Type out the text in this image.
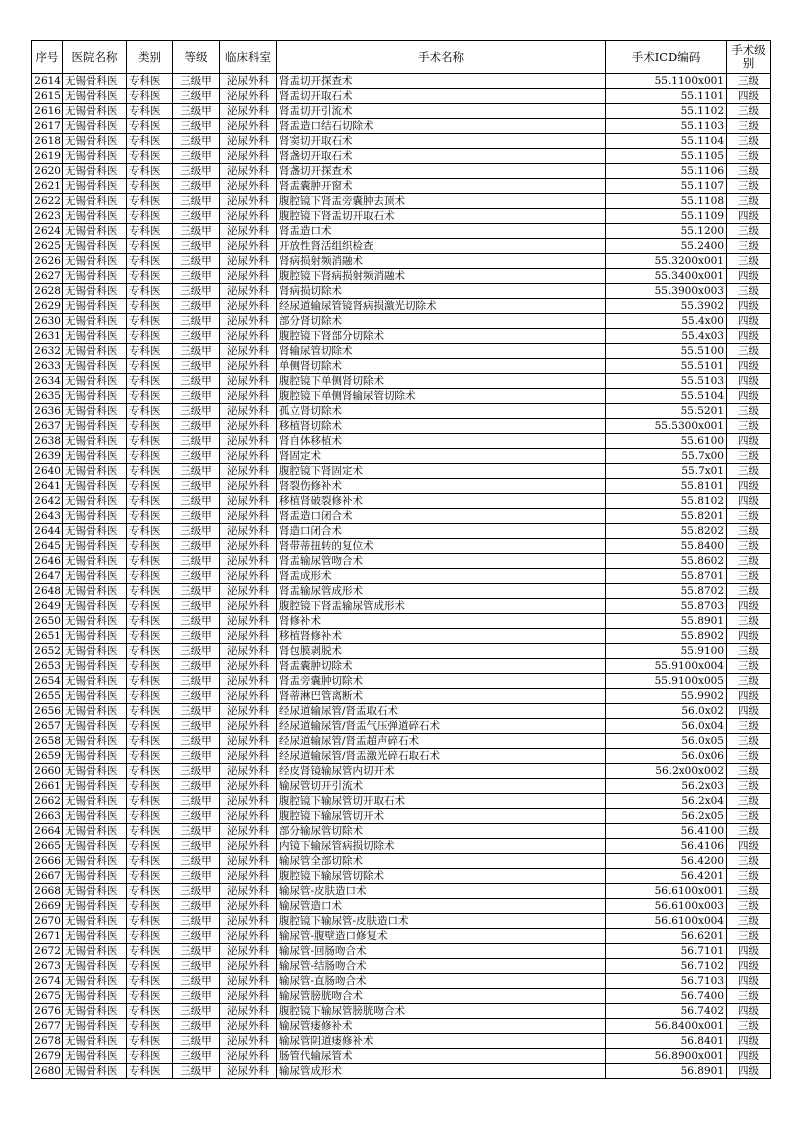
序号	医院名称	类别	等级	临床科室	手术名称	手术ICD编码	手术级别
2614	无锡骨科医	专科医	三级甲	泌尿外科	肾盂切开探查术	55.1100x001	三级
2615	无锡骨科医	专科医	三级甲	泌尿外科	肾盂切开取石术	55.1101	四级
2616	无锡骨科医	专科医	三级甲	泌尿外科	肾盂切开引流术	55.1102	三级
2617	无锡骨科医	专科医	三级甲	泌尿外科	肾盂造口结石切除术	55.1103	三级
2618	无锡骨科医	专科医	三级甲	泌尿外科	肾窦切开取石术	55.1104	三级
2619	无锡骨科医	专科医	三级甲	泌尿外科	肾盏切开取石术	55.1105	三级
2620	无锡骨科医	专科医	三级甲	泌尿外科	肾盏切开探查术	55.1106	三级
2621	无锡骨科医	专科医	三级甲	泌尿外科	肾盂囊肿开窗术	55.1107	三级
2622	无锡骨科医	专科医	三级甲	泌尿外科	腹腔镜下肾盂旁囊肿去顶术	55.1108	三级
2623	无锡骨科医	专科医	三级甲	泌尿外科	腹腔镜下肾盂切开取石术	55.1109	四级
2624	无锡骨科医	专科医	三级甲	泌尿外科	肾盂造口术	55.1200	三级
2625	无锡骨科医	专科医	三级甲	泌尿外科	开放性肾活组织检查	55.2400	三级
2626	无锡骨科医	专科医	三级甲	泌尿外科	肾病损射频消融术	55.3200x001	三级
2627	无锡骨科医	专科医	三级甲	泌尿外科	腹腔镜下肾病损射频消融术	55.3400x001	四级
2628	无锡骨科医	专科医	三级甲	泌尿外科	肾病损切除术	55.3900x003	三级
2629	无锡骨科医	专科医	三级甲	泌尿外科	经尿道输尿管镜肾病损激光切除术	55.3902	四级
2630	无锡骨科医	专科医	三级甲	泌尿外科	部分肾切除术	55.4x00	四级
2631	无锡骨科医	专科医	三级甲	泌尿外科	腹腔镜下肾部分切除术	55.4x03	四级
2632	无锡骨科医	专科医	三级甲	泌尿外科	肾输尿管切除术	55.5100	三级
2633	无锡骨科医	专科医	三级甲	泌尿外科	单侧肾切除术	55.5101	四级
2634	无锡骨科医	专科医	三级甲	泌尿外科	腹腔镜下单侧肾切除术	55.5103	四级
2635	无锡骨科医	专科医	三级甲	泌尿外科	腹腔镜下单侧肾输尿管切除术	55.5104	四级
2636	无锡骨科医	专科医	三级甲	泌尿外科	孤立肾切除术	55.5201	三级
2637	无锡骨科医	专科医	三级甲	泌尿外科	移植肾切除术	55.5300x001	三级
2638	无锡骨科医	专科医	三级甲	泌尿外科	肾自体移植术	55.6100	四级
2639	无锡骨科医	专科医	三级甲	泌尿外科	肾固定术	55.7x00	三级
2640	无锡骨科医	专科医	三级甲	泌尿外科	腹腔镜下肾固定术	55.7x01	三级
2641	无锡骨科医	专科医	三级甲	泌尿外科	肾裂伤修补术	55.8101	四级
2642	无锡骨科医	专科医	三级甲	泌尿外科	移植肾破裂修补术	55.8102	四级
2643	无锡骨科医	专科医	三级甲	泌尿外科	肾盂造口闭合术	55.8201	三级
2644	无锡骨科医	专科医	三级甲	泌尿外科	肾造口闭合术	55.8202	三级
2645	无锡骨科医	专科医	三级甲	泌尿外科	肾带蒂扭转的复位术	55.8400	三级
2646	无锡骨科医	专科医	三级甲	泌尿外科	肾盂输尿管吻合术	55.8602	三级
2647	无锡骨科医	专科医	三级甲	泌尿外科	肾盂成形术	55.8701	三级
2648	无锡骨科医	专科医	三级甲	泌尿外科	肾盂输尿管成形术	55.8702	三级
2649	无锡骨科医	专科医	三级甲	泌尿外科	腹腔镜下肾盂输尿管成形术	55.8703	四级
2650	无锡骨科医	专科医	三级甲	泌尿外科	肾修补术	55.8901	三级
2651	无锡骨科医	专科医	三级甲	泌尿外科	移植肾修补术	55.8902	四级
2652	无锡骨科医	专科医	三级甲	泌尿外科	肾包膜剥脱术	55.9100	三级
2653	无锡骨科医	专科医	三级甲	泌尿外科	肾盂囊肿切除术	55.9100x004	三级
2654	无锡骨科医	专科医	三级甲	泌尿外科	肾盂旁囊肿切除术	55.9100x005	三级
2655	无锡骨科医	专科医	三级甲	泌尿外科	肾蒂淋巴管离断术	55.9902	四级
2656	无锡骨科医	专科医	三级甲	泌尿外科	经尿道输尿管/肾盂取石术	56.0x02	四级
2657	无锡骨科医	专科医	三级甲	泌尿外科	经尿道输尿管/肾盂气压弹道碎石术	56.0x04	三级
2658	无锡骨科医	专科医	三级甲	泌尿外科	经尿道输尿管/肾盂超声碎石术	56.0x05	三级
2659	无锡骨科医	专科医	三级甲	泌尿外科	经尿道输尿管/肾盂激光碎石取石术	56.0x06	三级
2660	无锡骨科医	专科医	三级甲	泌尿外科	经皮肾镜输尿管内切开术	56.2x00x002	三级
2661	无锡骨科医	专科医	三级甲	泌尿外科	输尿管切开引流术	56.2x03	三级
2662	无锡骨科医	专科医	三级甲	泌尿外科	腹腔镜下输尿管切开取石术	56.2x04	三级
2663	无锡骨科医	专科医	三级甲	泌尿外科	腹腔镜下输尿管切开术	56.2x05	三级
2664	无锡骨科医	专科医	三级甲	泌尿外科	部分输尿管切除术	56.4100	三级
2665	无锡骨科医	专科医	三级甲	泌尿外科	内镜下输尿管病损切除术	56.4106	四级
2666	无锡骨科医	专科医	三级甲	泌尿外科	输尿管全部切除术	56.4200	三级
2667	无锡骨科医	专科医	三级甲	泌尿外科	腹腔镜下输尿管切除术	56.4201	三级
2668	无锡骨科医	专科医	三级甲	泌尿外科	输尿管-皮肤造口术	56.6100x001	三级
2669	无锡骨科医	专科医	三级甲	泌尿外科	输尿管造口术	56.6100x003	三级
2670	无锡骨科医	专科医	三级甲	泌尿外科	腹腔镜下输尿管-皮肤造口术	56.6100x004	三级
2671	无锡骨科医	专科医	三级甲	泌尿外科	输尿管-腹壁造口修复术	56.6201	三级
2672	无锡骨科医	专科医	三级甲	泌尿外科	输尿管-回肠吻合术	56.7101	四级
2673	无锡骨科医	专科医	三级甲	泌尿外科	输尿管-结肠吻合术	56.7102	四级
2674	无锡骨科医	专科医	三级甲	泌尿外科	输尿管-直肠吻合术	56.7103	四级
2675	无锡骨科医	专科医	三级甲	泌尿外科	输尿管膀胱吻合术	56.7400	三级
2676	无锡骨科医	专科医	三级甲	泌尿外科	腹腔镜下输尿管膀胱吻合术	56.7402	四级
2677	无锡骨科医	专科医	三级甲	泌尿外科	输尿管瘘修补术	56.8400x001	三级
2678	无锡骨科医	专科医	三级甲	泌尿外科	输尿管阴道瘘修补术	56.8401	四级
2679	无锡骨科医	专科医	三级甲	泌尿外科	肠管代输尿管术	56.8900x001	四级
2680	无锡骨科医	专科医	三级甲	泌尿外科	输尿管成形术	56.8901	四级
